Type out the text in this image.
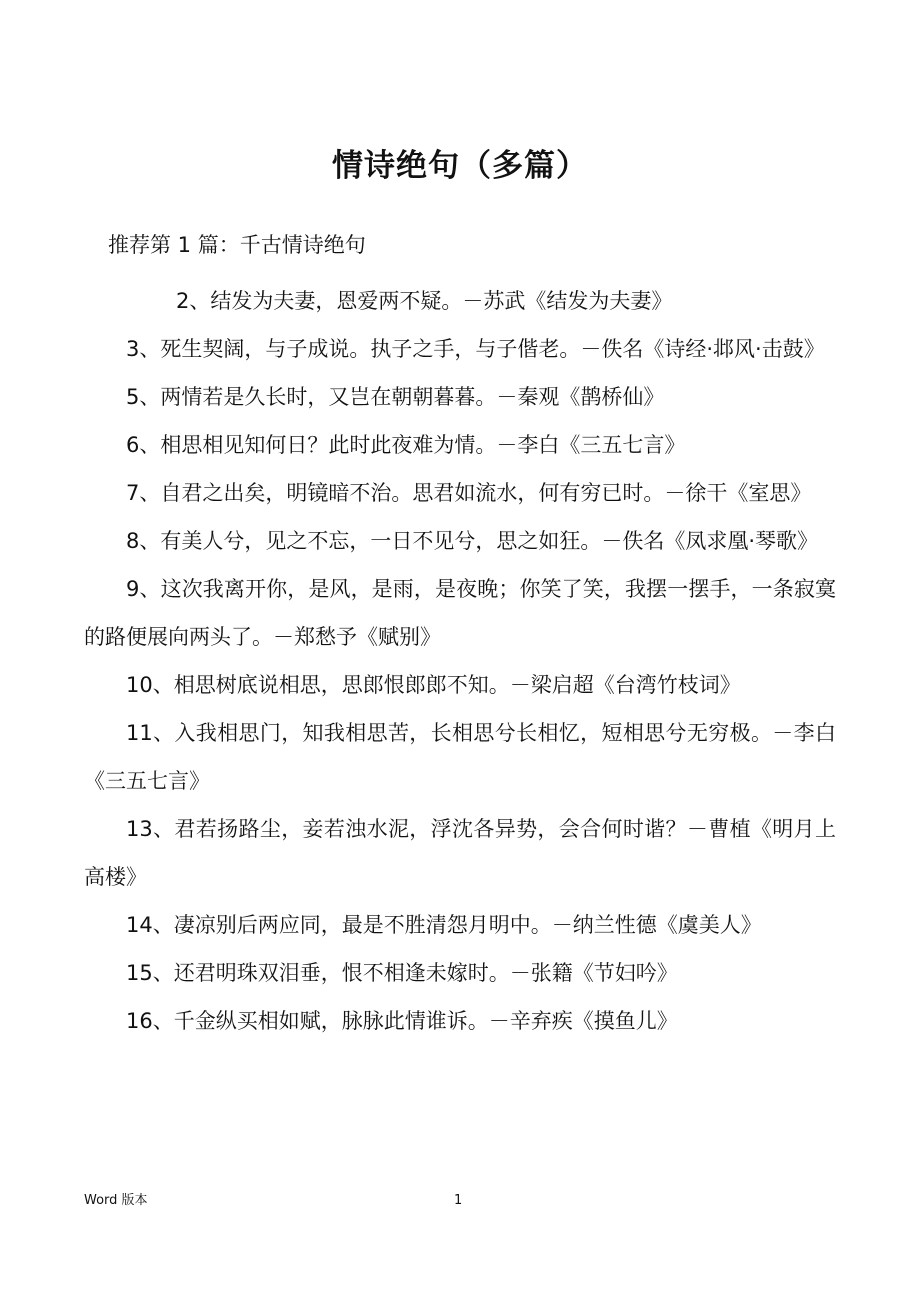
情诗绝句（多篇）
推荐第 1 篇：千古情诗绝句

2、结发为夫妻，恩爱两不疑。－苏武《结发为夫妻》

3、死生契阔，与子成说。执子之手，与子偕老。－佚名《诗经·邶风·击鼓》

5、两情若是久长时，又岂在朝朝暮暮。－秦观《鹊桥仙》

6、相思相见知何日？此时此夜难为情。－李白《三五七言》

7、自君之出矣，明镜暗不治。思君如流水，何有穷已时。－徐干《室思》

8、有美人兮，见之不忘，一日不见兮，思之如狂。－佚名《凤求凰·琴歌》

9、这次我离开你，是风，是雨，是夜晚；你笑了笑，我摆一摆手，一条寂寞的路便展向两头了。－郑愁予《赋别》

10、相思树底说相思，思郎恨郎郎不知。－梁启超《台湾竹枝词》

11、入我相思门，知我相思苦，长相思兮长相忆，短相思兮无穷极。－李白《三五七言》

13、君若扬路尘，妾若浊水泥，浮沈各异势，会合何时谐？－曹植《明月上高楼》

14、凄凉别后两应同，最是不胜清怨月明中。－纳兰性德《虞美人》

15、还君明珠双泪垂，恨不相逢未嫁时。－张籍《节妇吟》

16、千金纵买相如赋，脉脉此情谁诉。－辛弃疾《摸鱼儿》

Word 版本	1
